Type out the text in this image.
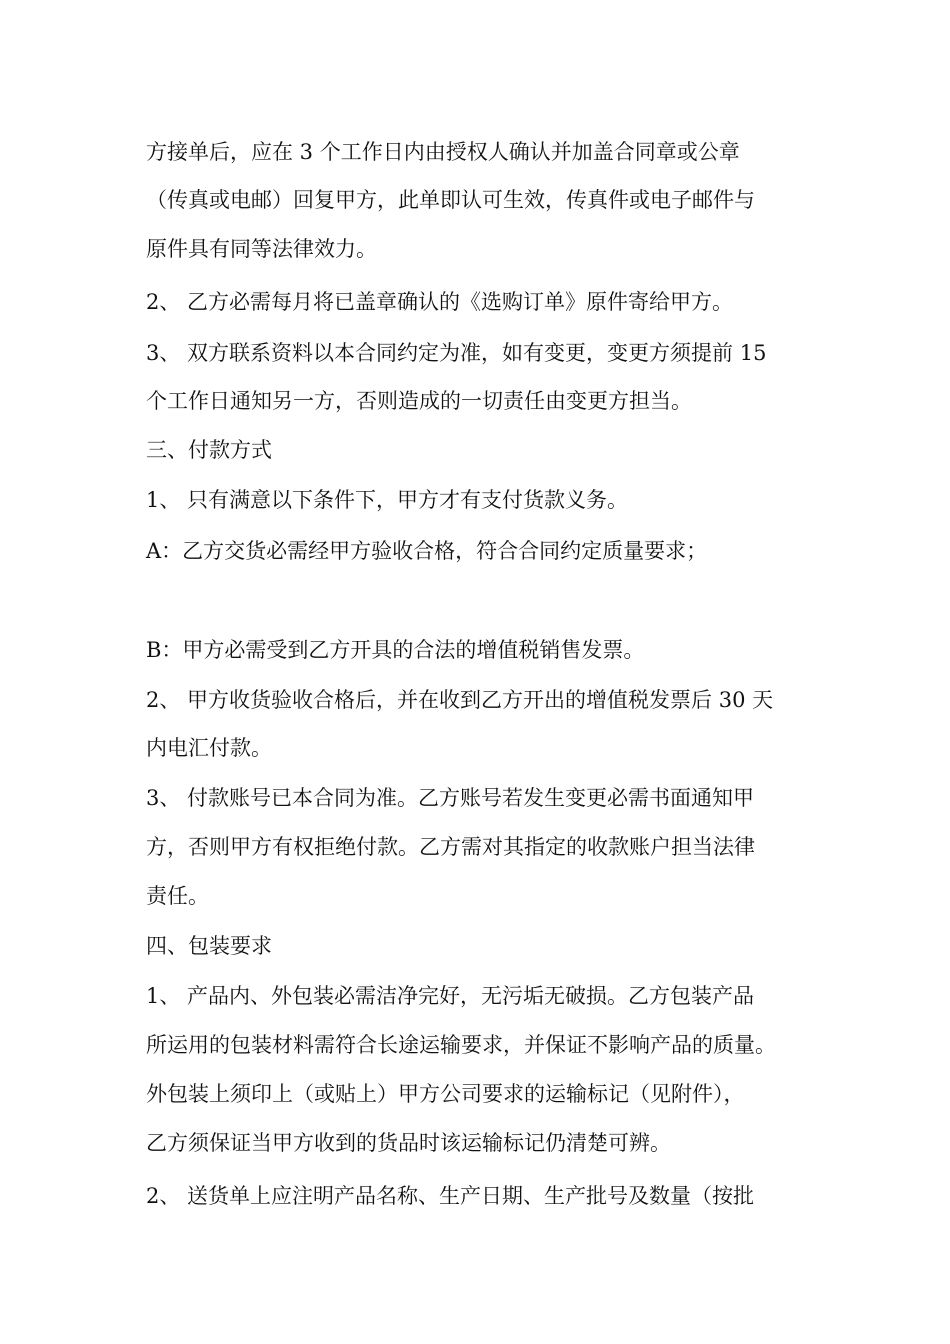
方接单后，应在 3 个工作日内由授权人确认并加盖合同章或公章
（传真或电邮）回复甲方，此单即认可生效，传真件或电子邮件与
原件具有同等法律效力。
2、 乙方必需每月将已盖章确认的《选购订单》原件寄给甲方。
3、 双方联系资料以本合同约定为准，如有变更，变更方须提前 15
个工作日通知另一方，否则造成的一切责任由变更方担当。
三、付款方式
1、 只有满意以下条件下，甲方才有支付货款义务。
A：乙方交货必需经甲方验收合格，符合合同约定质量要求；
B：甲方必需受到乙方开具的合法的增值税销售发票。
2、 甲方收货验收合格后，并在收到乙方开出的增值税发票后 30 天
内电汇付款。
3、 付款账号已本合同为准。乙方账号若发生变更必需书面通知甲
方，否则甲方有权拒绝付款。乙方需对其指定的收款账户担当法律
责任。
四、包装要求
1、 产品内、外包装必需洁净完好，无污垢无破损。乙方包装产品
所运用的包装材料需符合长途运输要求，并保证不影响产品的质量。
外包装上须印上（或贴上）甲方公司要求的运输标记（见附件），
乙方须保证当甲方收到的货品时该运输标记仍清楚可辨。
2、 送货单上应注明产品名称、生产日期、生产批号及数量（按批
